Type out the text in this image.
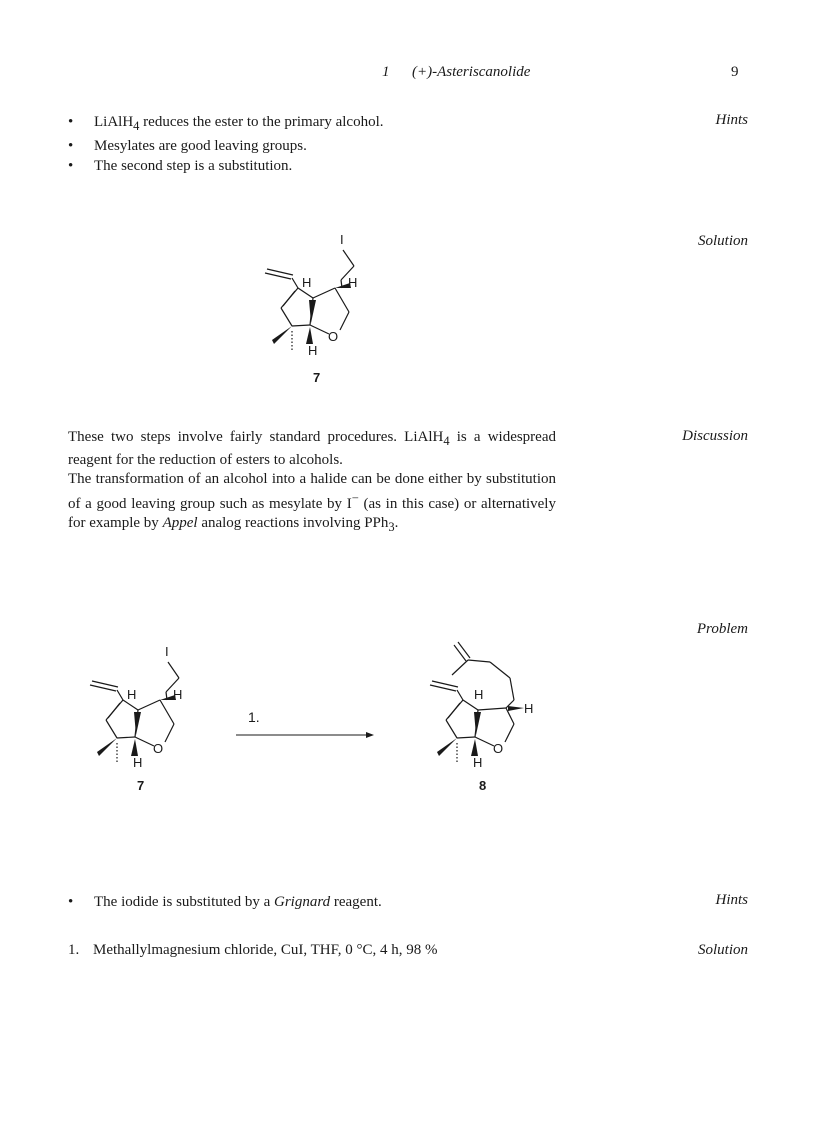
1 (+)-Asteriscanolide	9
Hints
• LiAlH$_4$ reduces the ester to the primary alcohol.
• Mesylates are good leaving groups.
• The second step is a substitution.
Solution
I
H	H
O
H
7
Discussion

These two steps involve fairly standard procedures. LiAlH$_4$ is a widespread reagent for the reduction of esters to alcohols.

The transformation of an alcohol into a halide can be done either by substitution of a good leaving group such as mesylate by I− (as in this case) or alternatively for example by Appel analog reactions involving PPh$_3$.

Problem
I
H	H
O
H
7
1.
H
H
O
H
8
Hints
• The iodide is substituted by a Grignard reagent.
Solution
1. Methallylmagnesium chloride, CuI, THF, 0 °C, 4 h, 98 %
